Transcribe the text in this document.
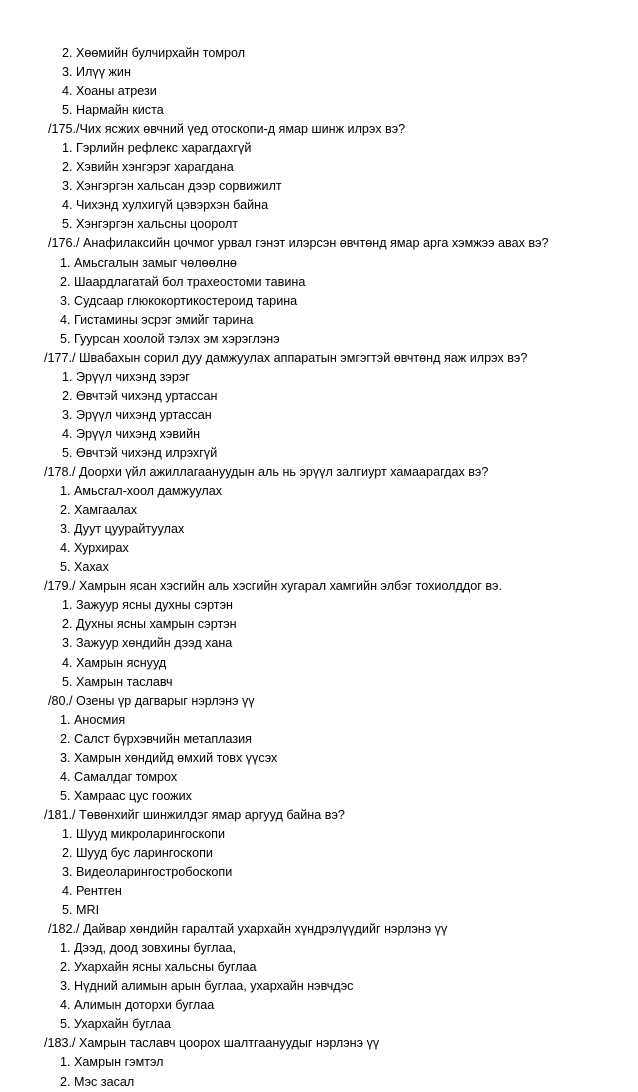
2. Хөөмийн булчирхайн томрол
3. Илүү жин
4. Хоаны атрези
5. Нармайн киста
/175./Чих ясжих өвчний үед отоскопи-д ямар шинж илрэх вэ?
1. Гэрлийн рефлекс харагдахгүй
2. Хэвийн хэнгэрэг харагдана
3. Хэнгэргэн хальсан дээр сорвижилт
4. Чихэнд хулхигүй цэвэрхэн байна
5. Хэнгэргэн хальсны цооролт
/176./ Анафилаксийн цочмог урвал гэнэт илэрсэн өвчтөнд ямар арга хэмжээ авах вэ?
1. Амьсгалын замыг чөлөөлнө
2. Шаардлагатай бол трахеостоми тавина
3. Судсаар глюкокортикостероид тарина
4. Гистамины эсрэг эмийг тарина
5. Гуурсан хоолой тэлэх эм хэрэглэнэ
/177./ Швабахын сорил дуу дамжуулах аппаратын эмгэгтэй өвчтөнд яаж илрэх вэ?
1. Эрүүл чихэнд зэрэг
2. Өвчтэй чихэнд уртассан
3. Эрүүл чихэнд уртассан
4. Эрүүл чихэнд хэвийн
5. Өвчтэй чихэнд илрэхгүй
/178./ Доорхи үйл ажиллагаануудын аль нь эрүүл залгиурт хамаарагдах вэ?
1. Амьсгал-хоол дамжуулах
2. Хамгаалах
3. Дуут цуурайтуулах
4. Хурхирах
5. Хахах
/179./ Хамрын ясан хэсгийн аль хэсгийн хугарал хамгийн элбэг тохиолддог вэ.
1. Зажуур ясны духны сэртэн
2. Духны ясны хамрын сэртэн
3. Зажуур хөндийн дээд хана
4. Хамрын яснууд
5. Хамрын таславч
/80./ Озены үр дагварыг нэрлэнэ үү
1. Аносмия
2. Салст бүрхэвчийн метаплазия
3. Хамрын хөндийд өмхий товх үүсэх
4. Самалдаг томрох
5. Хамраас цус гоожих
/181./ Төвөнхийг шинжилдэг ямар аргууд байна вэ?
1. Шууд микроларингоскопи
2. Шууд бус ларингоскопи
3. Видеоларингостробоскопи
4. Рентген
5. MRI
/182./ Дайвар хөндийн гаралтай ухархайн хүндрэлүүдийг нэрлэнэ үү
1. Дээд, доод зовхины буглаа,
2. Ухархайн ясны хальсны буглаа
3. Нүдний алимын арын буглаа, ухархайн нэвчдэс
4. Алимын доторхи буглаа
5. Ухархайн буглаа
/183./ Хамрын таславч цоорох шалтгаануудыг нэрлэнэ үү
1. Хамрын гэмтэл
2. Мэс засал
